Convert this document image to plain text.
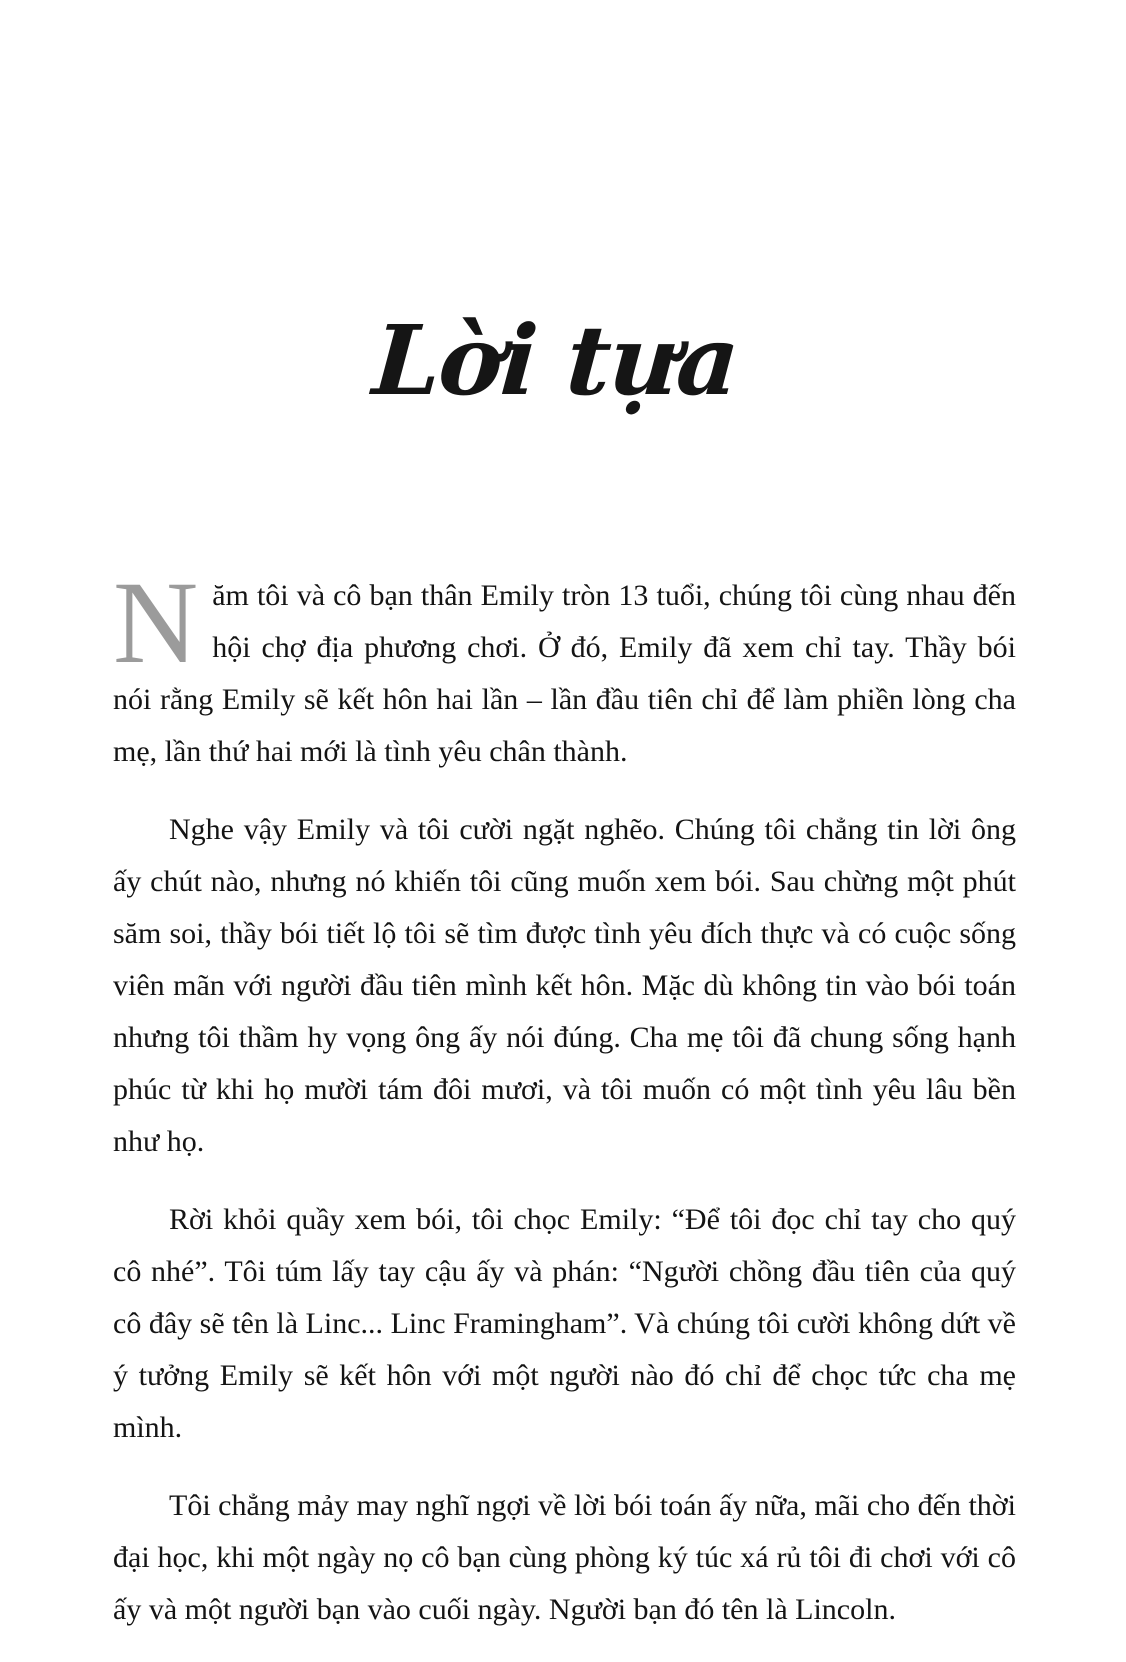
Lời tựa

Năm tôi và cô bạn thân Emily tròn 13 tuổi, chúng tôi cùng nhau đến hội chợ địa phương chơi. Ở đó, Emily đã xem chỉ tay. Thầy bói nói rằng Emily sẽ kết hôn hai lần – lần đầu tiên chỉ để làm phiền lòng cha mẹ, lần thứ hai mới là tình yêu chân thành.

Nghe vậy Emily và tôi cười ngặt nghẽo. Chúng tôi chẳng tin lời ông ấy chút nào, nhưng nó khiến tôi cũng muốn xem bói. Sau chừng một phút săm soi, thầy bói tiết lộ tôi sẽ tìm được tình yêu đích thực và có cuộc sống viên mãn với người đầu tiên mình kết hôn. Mặc dù không tin vào bói toán nhưng tôi thầm hy vọng ông ấy nói đúng. Cha mẹ tôi đã chung sống hạnh phúc từ khi họ mười tám đôi mươi, và tôi muốn có một tình yêu lâu bền như họ.

Rời khỏi quầy xem bói, tôi chọc Emily: “Để tôi đọc chỉ tay cho quý cô nhé”. Tôi túm lấy tay cậu ấy và phán: “Người chồng đầu tiên của quý cô đây sẽ tên là Linc... Linc Framingham”. Và chúng tôi cười không dứt về ý tưởng Emily sẽ kết hôn với một người nào đó chỉ để chọc tức cha mẹ mình.

Tôi chẳng mảy may nghĩ ngợi về lời bói toán ấy nữa, mãi cho đến thời đại học, khi một ngày nọ cô bạn cùng phòng ký túc xá rủ tôi đi chơi với cô ấy và một người bạn vào cuối ngày. Người bạn đó tên là Lincoln.
